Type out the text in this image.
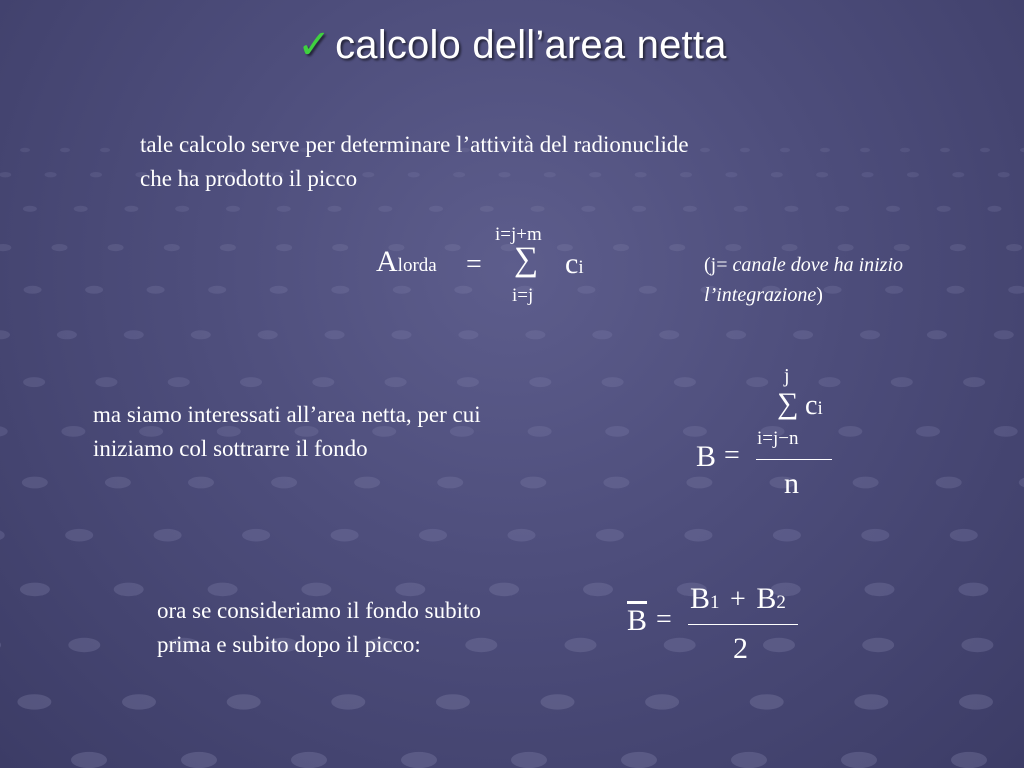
✓ calcolo dell’area netta
tale calcolo serve per determinare l’attività del radionuclide
che ha prodotto il picco
Alorda =
i=j+m
∑
i=j
ci	(j= canale dove ha inizio
l’integrazione)
ma siamo interessati all’area netta, per cui
iniziamo col sottrarre il fondo
j
∑ ci
i=j−n
B =
n
ora se consideriamo il fondo subito
prima e subito dopo il picco:
B1 + B2
$\overline{B}$ =
2
